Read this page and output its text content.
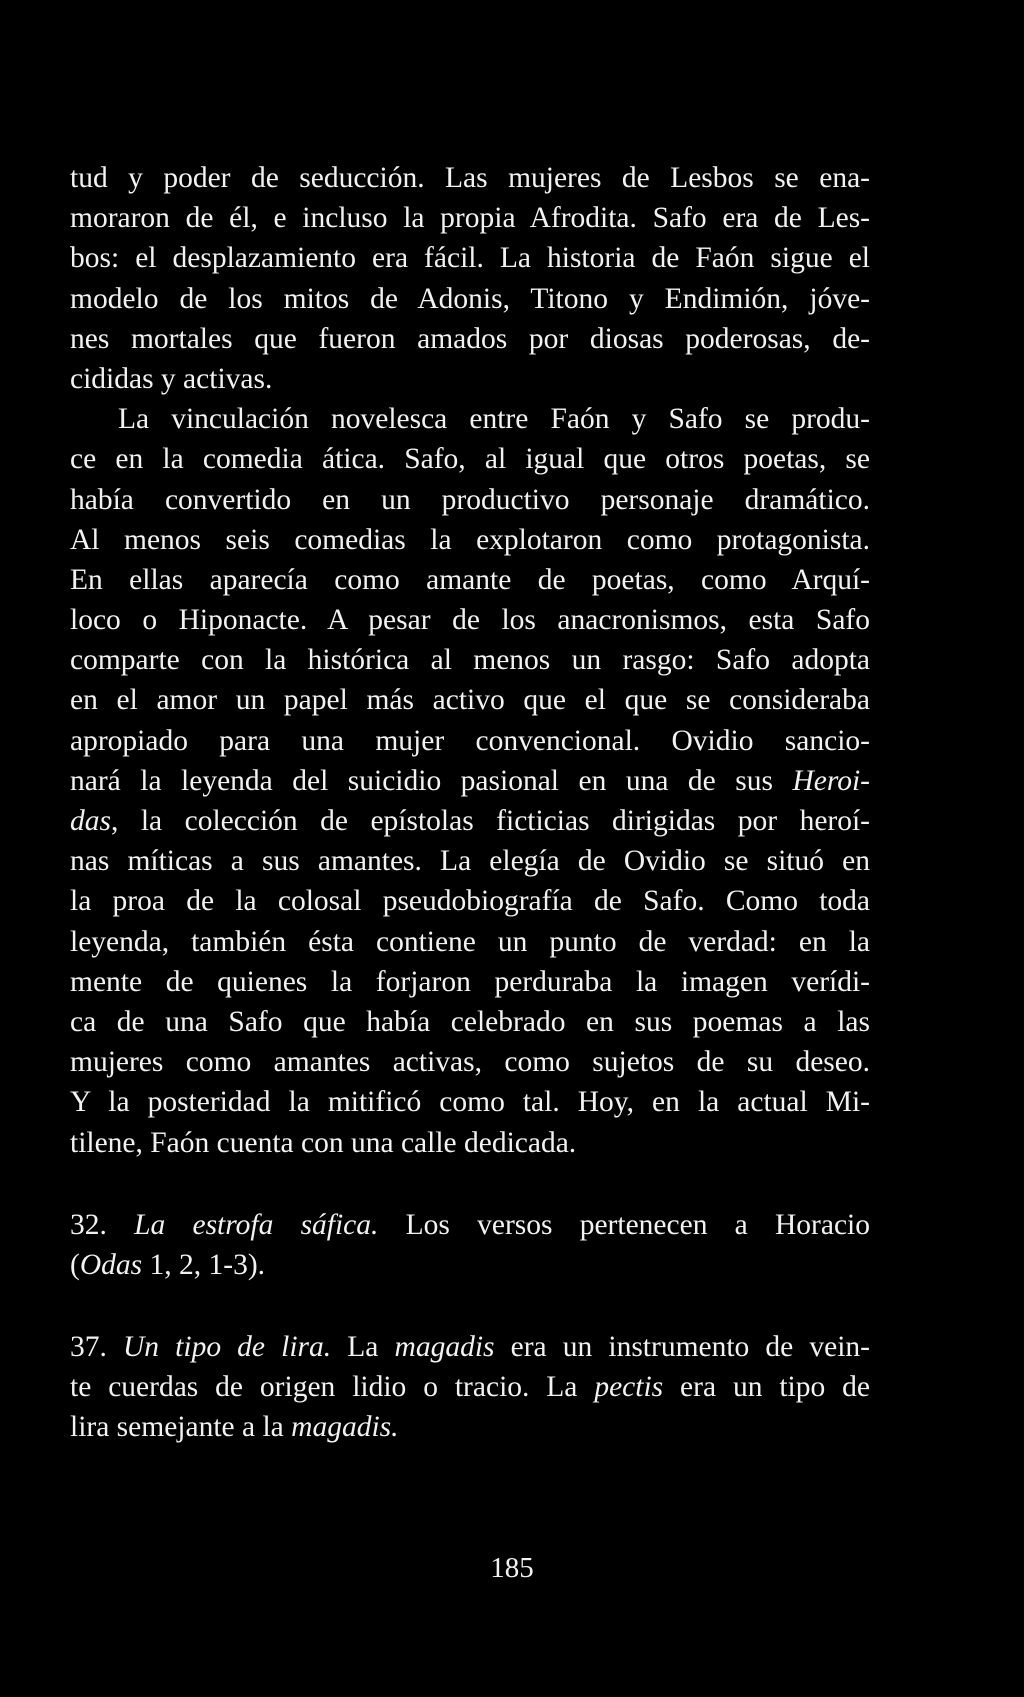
tud y poder de seducción. Las mujeres de Lesbos se ena-
moraron de él, e incluso la propia Afrodita. Safo era de Les-
bos: el desplazamiento era fácil. La historia de Faón sigue el
modelo de los mitos de Adonis, Titono y Endimión, jóve-
nes mortales que fueron amados por diosas poderosas, de-
cididas y activas.
La vinculación novelesca entre Faón y Safo se produ-
ce en la comedia ática. Safo, al igual que otros poetas, se
había convertido en un productivo personaje dramático.
Al menos seis comedias la explotaron como protagonista.
En ellas aparecía como amante de poetas, como Arquí-
loco o Hiponacte. A pesar de los anacronismos, esta Safo
comparte con la histórica al menos un rasgo: Safo adopta
en el amor un papel más activo que el que se consideraba
apropiado para una mujer convencional. Ovidio sancio-
nará la leyenda del suicidio pasional en una de sus Heroi-
das, la colección de epístolas ficticias dirigidas por heroí-
nas míticas a sus amantes. La elegía de Ovidio se situó en
la proa de la colosal pseudobiografía de Safo. Como toda
leyenda, también ésta contiene un punto de verdad: en la
mente de quienes la forjaron perduraba la imagen verídi-
ca de una Safo que había celebrado en sus poemas a las
mujeres como amantes activas, como sujetos de su deseo.
Y la posteridad la mitificó como tal. Hoy, en la actual Mi-
tilene, Faón cuenta con una calle dedicada.
32. La estrofa sáfica. Los versos pertenecen a Horacio
(Odas 1, 2, 1-3).
37. Un tipo de lira. La magadis era un instrumento de vein-
te cuerdas de origen lidio o tracio. La pectis era un tipo de
lira semejante a la magadis.
185
